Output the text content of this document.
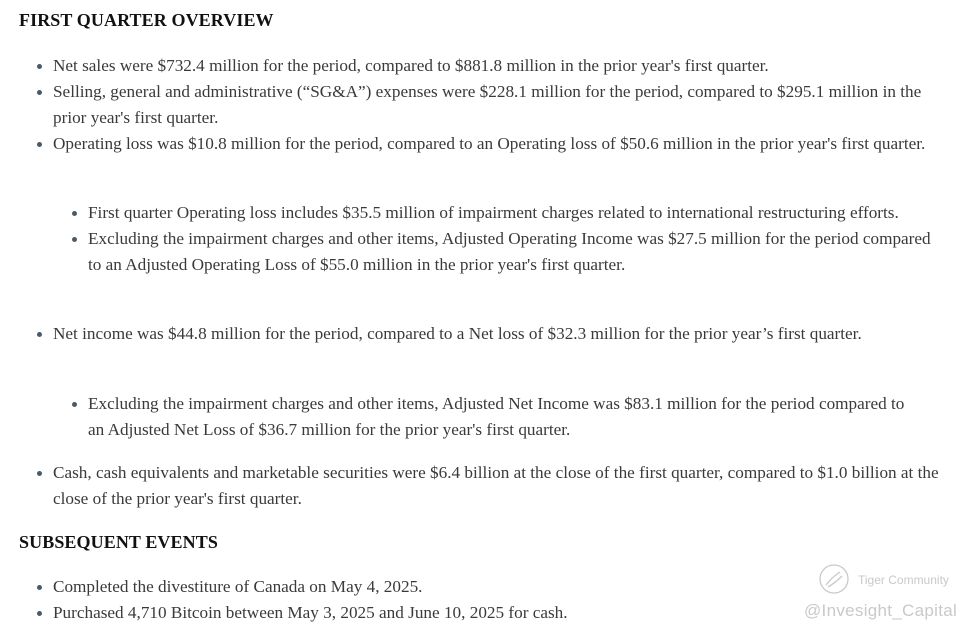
FIRST QUARTER OVERVIEW
Net sales were $732.4 million for the period, compared to $881.8 million in the prior year's first quarter.
Selling, general and administrative (“SG&A”) expenses were $228.1 million for the period, compared to $295.1 million in the prior year's first quarter.
Operating loss was $10.8 million for the period, compared to an Operating loss of $50.6 million in the prior year's first quarter.
First quarter Operating loss includes $35.5 million of impairment charges related to international restructuring efforts.
Excluding the impairment charges and other items, Adjusted Operating Income was $27.5 million for the period compared to an Adjusted Operating Loss of $55.0 million in the prior year's first quarter.
Net income was $44.8 million for the period, compared to a Net loss of $32.3 million for the prior year’s first quarter.
Excluding the impairment charges and other items, Adjusted Net Income was $83.1 million for the period compared to an Adjusted Net Loss of $36.7 million for the prior year's first quarter.
Cash, cash equivalents and marketable securities were $6.4 billion at the close of the first quarter, compared to $1.0 billion at the close of the prior year's first quarter.
SUBSEQUENT EVENTS
Completed the divestiture of Canada on May 4, 2025.
Purchased 4,710 Bitcoin between May 3, 2025 and June 10, 2025 for cash.
Tiger Community
@Invesight_Capital
